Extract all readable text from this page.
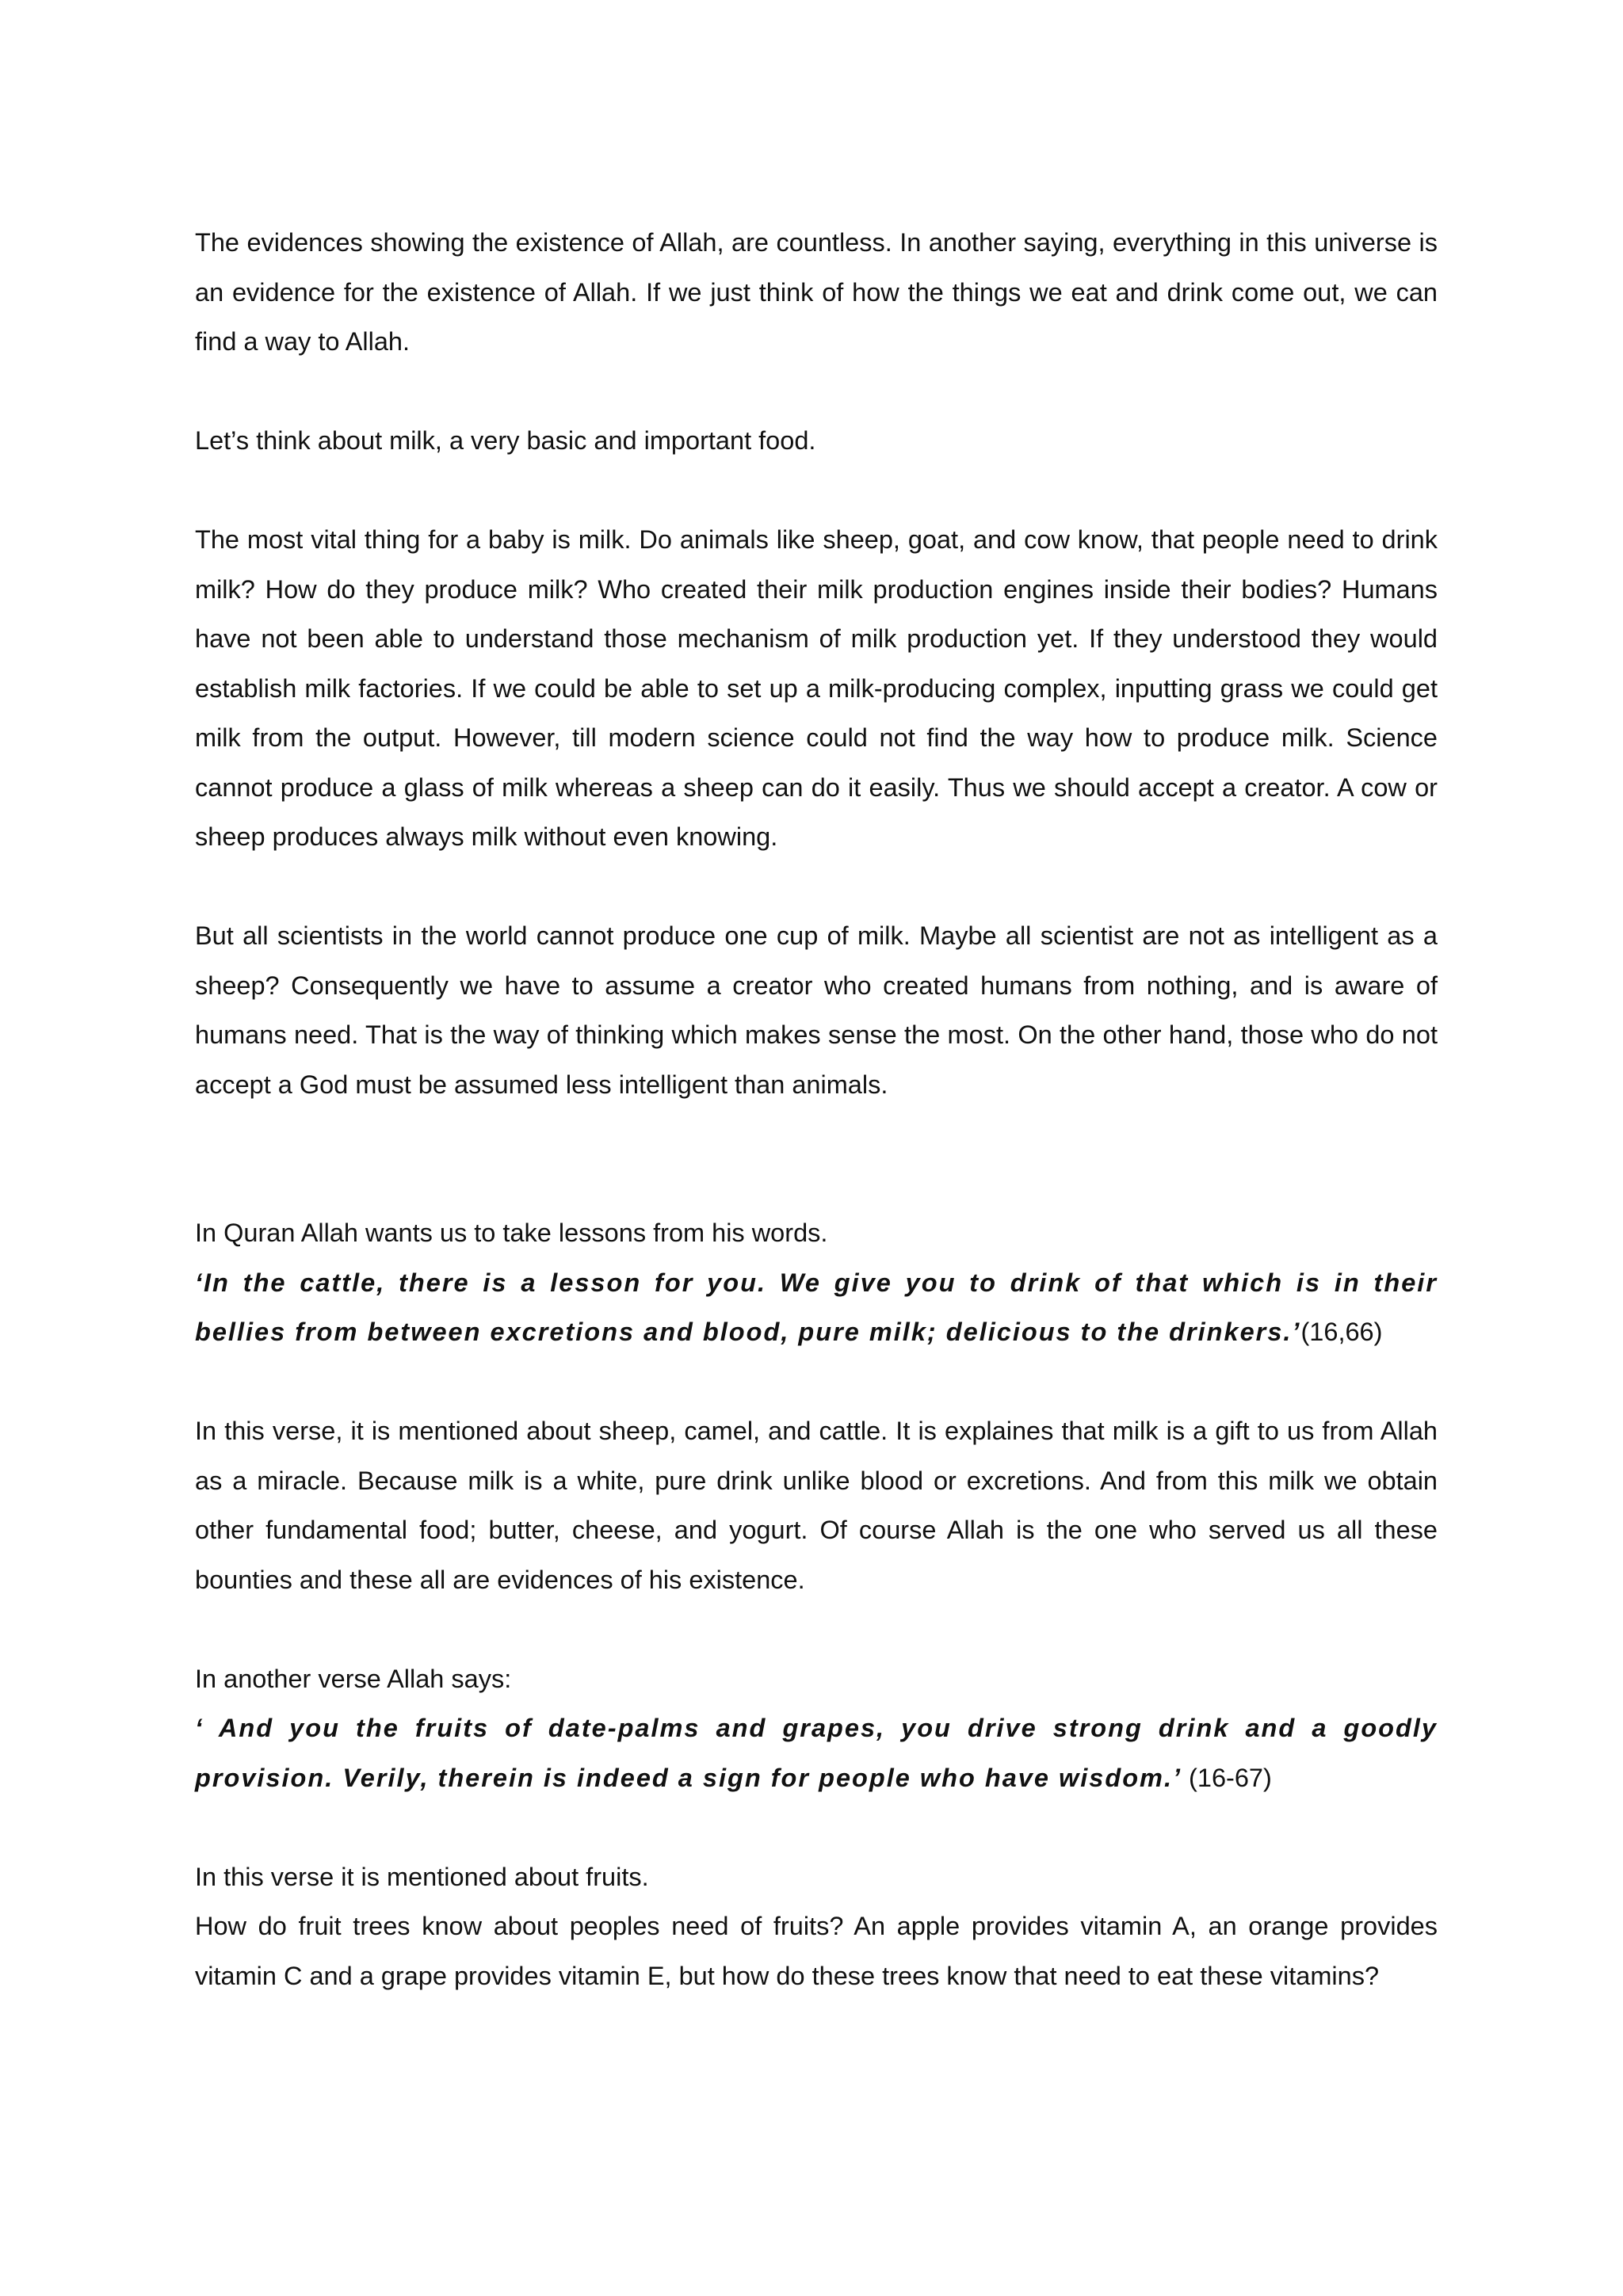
The evidences showing the existence of Allah, are countless. In another saying, everything in this universe is an evidence for the existence of Allah. If we just think of how the things we eat and drink come out, we can find a way to Allah.

Let’s think about milk, a very basic and important food.

The most vital thing for a baby is milk. Do animals like sheep, goat, and cow know, that people need to drink milk? How do they produce milk? Who created their milk production engines inside their bodies? Humans have not been able to understand those mechanism of milk production yet. If they understood they would establish milk factories. If we could be able to set up a milk-producing complex, inputting grass we could get milk from the output. However, till modern science could not find the way how to produce milk. Science cannot produce a glass of milk whereas a sheep can do it easily. Thus we should accept a creator. A cow or sheep produces always milk without even knowing.

But all scientists in the world cannot produce one cup of milk. Maybe all scientist are not as intelligent as a sheep? Consequently we have to assume a creator who created humans from nothing, and is aware of humans need. That is the way of thinking which makes sense the most. On the other hand, those who do not accept a God must be assumed less intelligent than animals.

In Quran Allah wants us to take lessons from his words.

‘In the cattle, there is a lesson for you. We give you to drink of that which is in their bellies from between excretions and blood, pure milk; delicious to the drinkers.’(16,66)

In this verse, it is mentioned about sheep, camel, and cattle. It is explaines that milk is a gift to us from Allah as a miracle. Because milk is a white, pure drink unlike blood or excretions. And from this milk we obtain other fundamental food; butter, cheese, and yogurt. Of course Allah is the one who served us all these bounties and these all are evidences of his existence.

In another verse Allah says:

‘ And you the fruits of date-palms and grapes, you drive strong drink and a goodly provision. Verily, therein is indeed a sign for people who have wisdom.’ (16-67)

In this verse it is mentioned about fruits.

How do fruit trees know about peoples need of fruits? An apple provides vitamin A, an orange provides vitamin C and a grape provides vitamin E, but how do these trees know that need to eat these vitamins?
